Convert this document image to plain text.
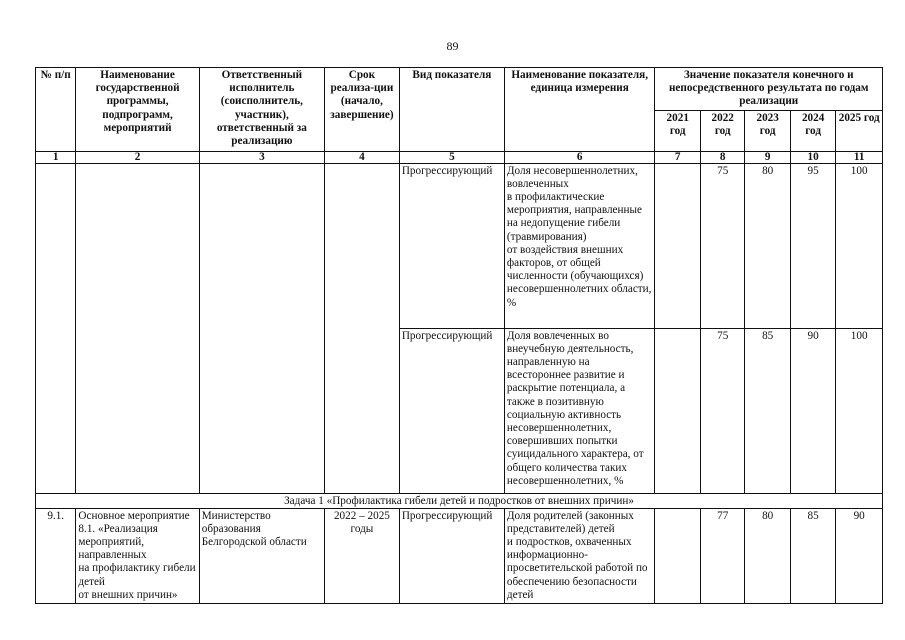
89
№ п/п	Наименование государственной программы, подпрограмм, мероприятий	Ответственный исполнитель (соисполнитель, участник), ответственный за реализацию	Срок реализа-ции (начало, завершение)	Вид показателя	Наименование показателя, единица измерения	Значение показателя конечного и непосредственного результата по годам реализации				
						2021 год	2022 год	2023 год	2024 год	2025 год
1	2	3	4	5	6	7	8	9	10	11
				Прогрессирующий	Доля несовершеннолетних, вовлеченных
в профилактические мероприятия, направленные на недопущение гибели (травмирования)
от воздействия внешних факторов, от общей численности (обучающихся) несовершеннолетних области, %		75	80	95	100
				Прогрессирующий	Доля вовлеченных во внеучебную деятельность, направленную на всестороннее развитие и раскрытие потенциала, а также в позитивную социальную активность несовершеннолетних, совершивших попытки суицидального характера, от общего количества таких несовершеннолетних, %		75	85	90	100
Задача 1 «Профилактика гибели детей и подростков от внешних причин»										
9.1.	Основное мероприятие 8.1. «Реализация мероприятий, направленных
на профилактику гибели детей
от внешних причин»	Министерство образования Белгородской области	2022 – 2025 годы	Прогрессирующий	Доля родителей (законных представителей) детей
и подростков, охваченных информационно-просветительской работой по обеспечению безопасности детей		77	80	85	90
